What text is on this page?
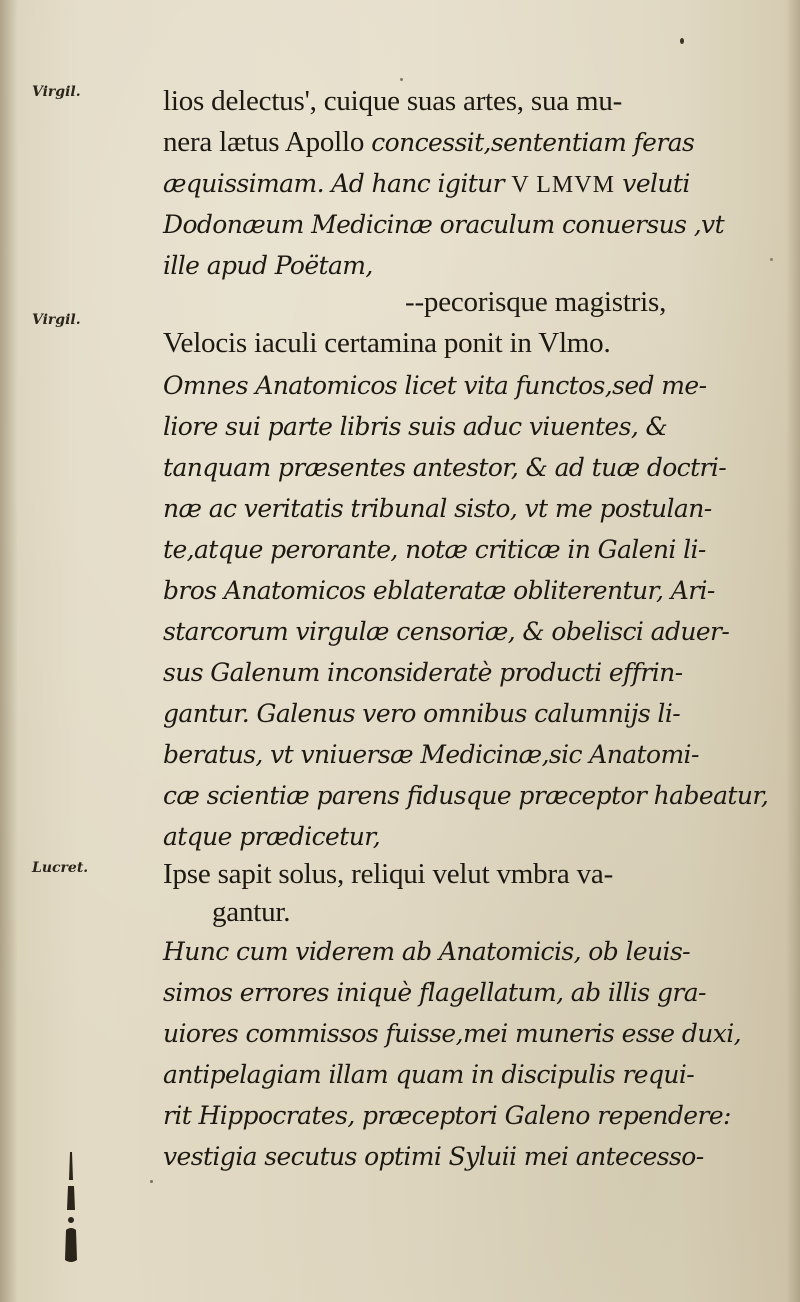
Virgil.
Virgil.
Lucret.
lios delectus', cuique suas artes, sua mu-
nera lætus Apollo concessit,sententiam feras
æquissimam. Ad hanc igitur V LMVM veluti
Dodonæum Medicinæ oraculum conuersus ,vt
ille apud Poëtam,
--pecorisque magistris,
Velocis iaculi certamina ponit in Vlmo.
Omnes Anatomicos licet vita functos,sed me-
liore sui parte libris suis aduc viuentes, &
tanquam præsentes antestor, & ad tuæ doctri-
næ ac veritatis tribunal sisto, vt me postulan-
te,atque perorante, notæ criticæ in Galeni li-
bros Anatomicos eblateratæ obliterentur, Ari-
starcorum virgulæ censoriæ, & obelisci aduer-
sus Galenum inconsideratè producti effrin-
gantur. Galenus vero omnibus calumnijs li-
beratus, vt vniuersæ Medicinæ,sic Anatomi-
cæ scientiæ parens fidusque præceptor habeatur,
atque prædicetur,
Ipse sapit solus, reliqui velut vmbra va-
gantur.
Hunc cum viderem ab Anatomicis, ob leuis-
simos errores iniquè flagellatum, ab illis gra-
uiores commissos fuisse,mei muneris esse duxi,
antipelagiam illam quam in discipulis requi-
rit Hippocrates, præceptori Galeno rependere:
vestigia secutus optimi Syluii mei antecesso-
